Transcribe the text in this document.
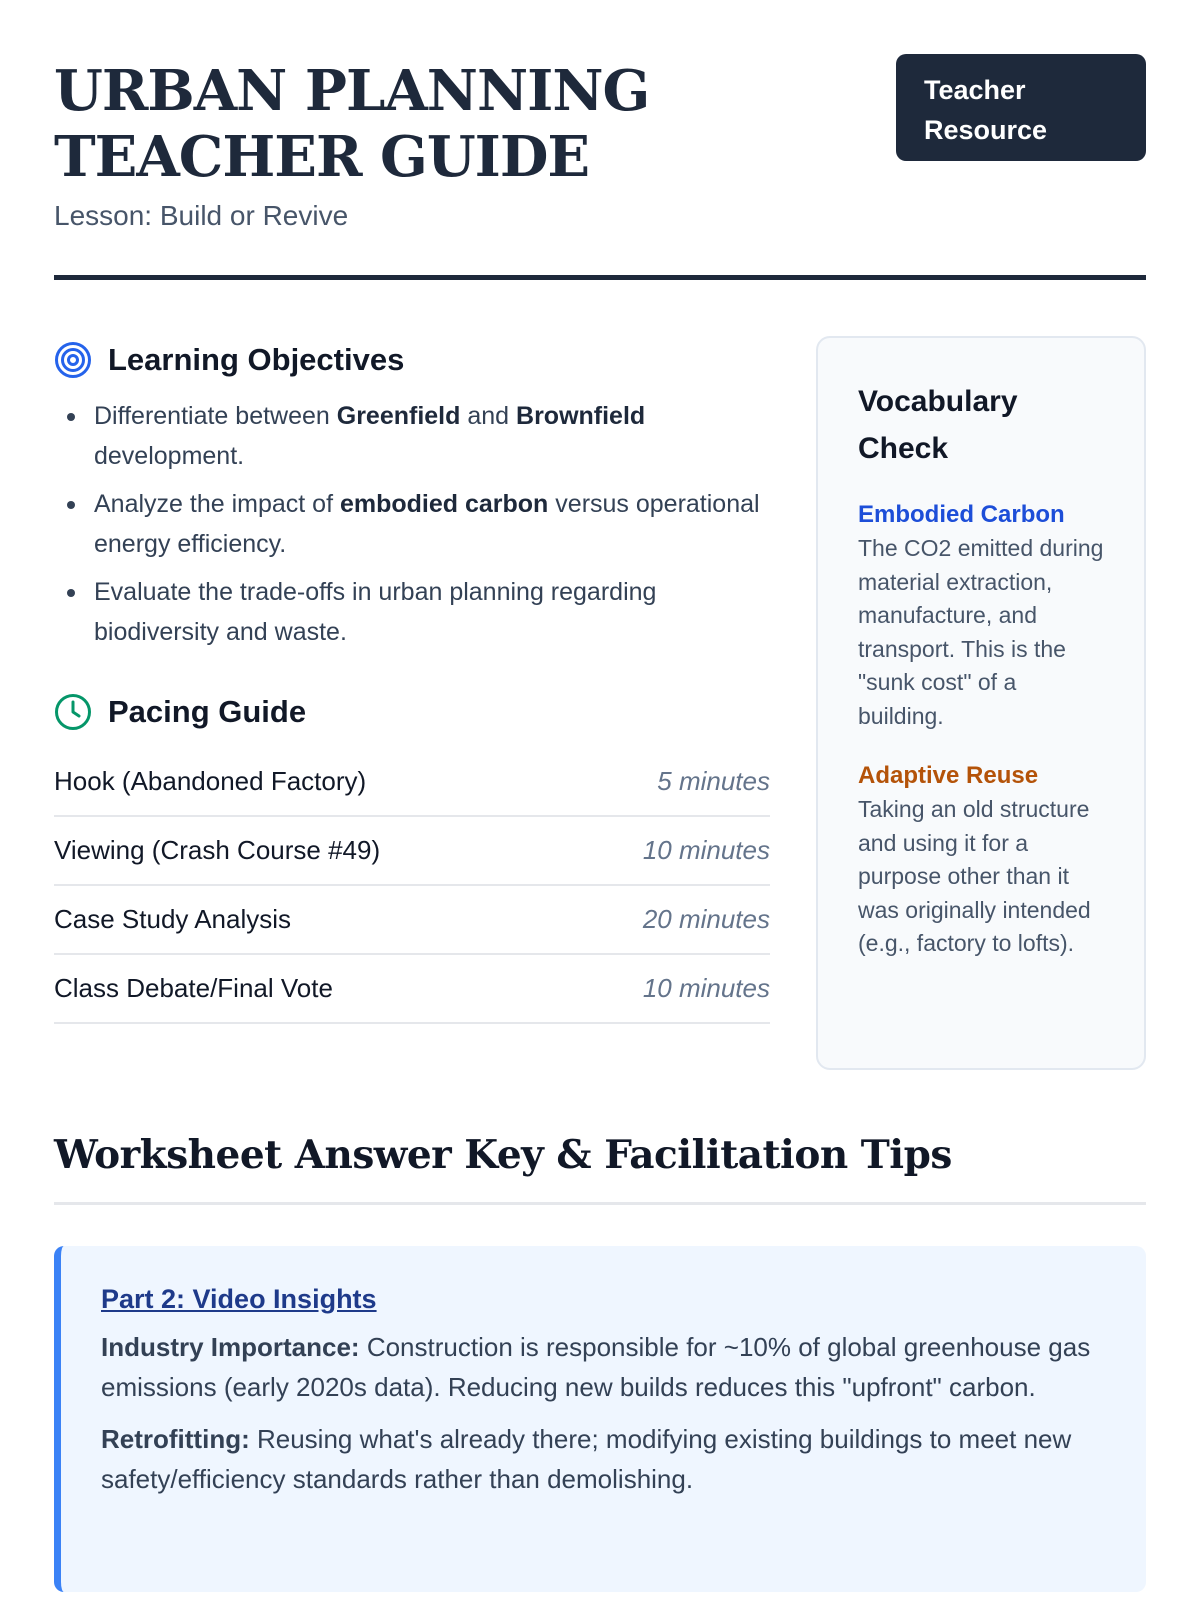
URBAN PLANNING TEACHER GUIDE
Lesson: Build or Revive
Teacher
Resource
Learning Objectives
Differentiate between Greenfield and Brownfield development.
Analyze the impact of embodied carbon versus operational energy efficiency.
Evaluate the trade-offs in urban planning regarding biodiversity and waste.
Pacing Guide
Hook (Abandoned Factory)	5 minutes
Viewing (Crash Course #49)	10 minutes
Case Study Analysis	20 minutes
Class Debate/Final Vote	10 minutes
Vocabulary Check
Embodied Carbon
The CO2 emitted during material extraction, manufacture, and transport. This is the "sunk cost" of a building.
Adaptive Reuse
Taking an old structure and using it for a purpose other than it was originally intended (e.g., factory to lofts).
Worksheet Answer Key & Facilitation Tips
Part 2: Video Insights

Industry Importance: Construction is responsible for ~10% of global greenhouse gas emissions (early 2020s data). Reducing new builds reduces this "upfront" carbon.

Retrofitting: Reusing what's already there; modifying existing buildings to meet new safety/efficiency standards rather than demolishing.
